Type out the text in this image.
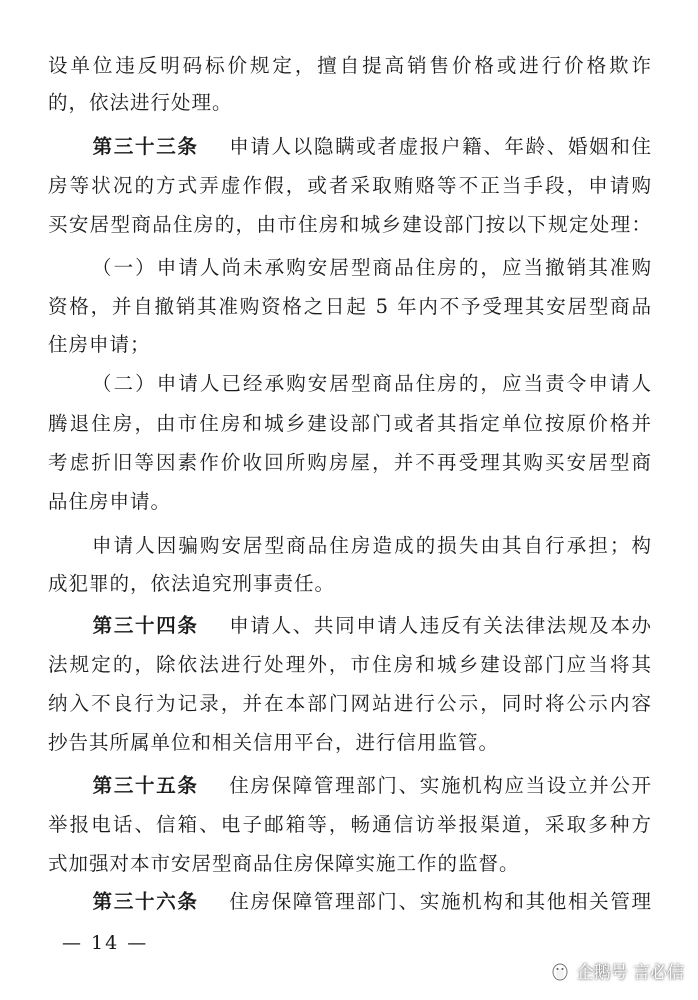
设单位违反明码标价规定，擅自提高销售价格或进行价格欺诈
的，依法进行处理。
第三十三条 申请人以隐瞒或者虚报户籍、年龄、婚姻和住
房等状况的方式弄虚作假，或者采取贿赂等不正当手段，申请购
买安居型商品住房的，由市住房和城乡建设部门按以下规定处理：
（一）申请人尚未承购安居型商品住房的，应当撤销其准购
资格，并自撤销其准购资格之日起 5 年内不予受理其安居型商品
住房申请；
（二）申请人已经承购安居型商品住房的，应当责令申请人
腾退住房，由市住房和城乡建设部门或者其指定单位按原价格并
考虑折旧等因素作价收回所购房屋，并不再受理其购买安居型商
品住房申请。
申请人因骗购安居型商品住房造成的损失由其自行承担；构
成犯罪的，依法追究刑事责任。
第三十四条 申请人、共同申请人违反有关法律法规及本办
法规定的，除依法进行处理外，市住房和城乡建设部门应当将其
纳入不良行为记录，并在本部门网站进行公示，同时将公示内容
抄告其所属单位和相关信用平台，进行信用监管。
第三十五条 住房保障管理部门、实施机构应当设立并公开
举报电话、信箱、电子邮箱等，畅通信访举报渠道，采取多种方
式加强对本市安居型商品住房保障实施工作的监督。
第三十六条 住房保障管理部门、实施机构和其他相关管理
— 14 —
企鹅号 言必信
